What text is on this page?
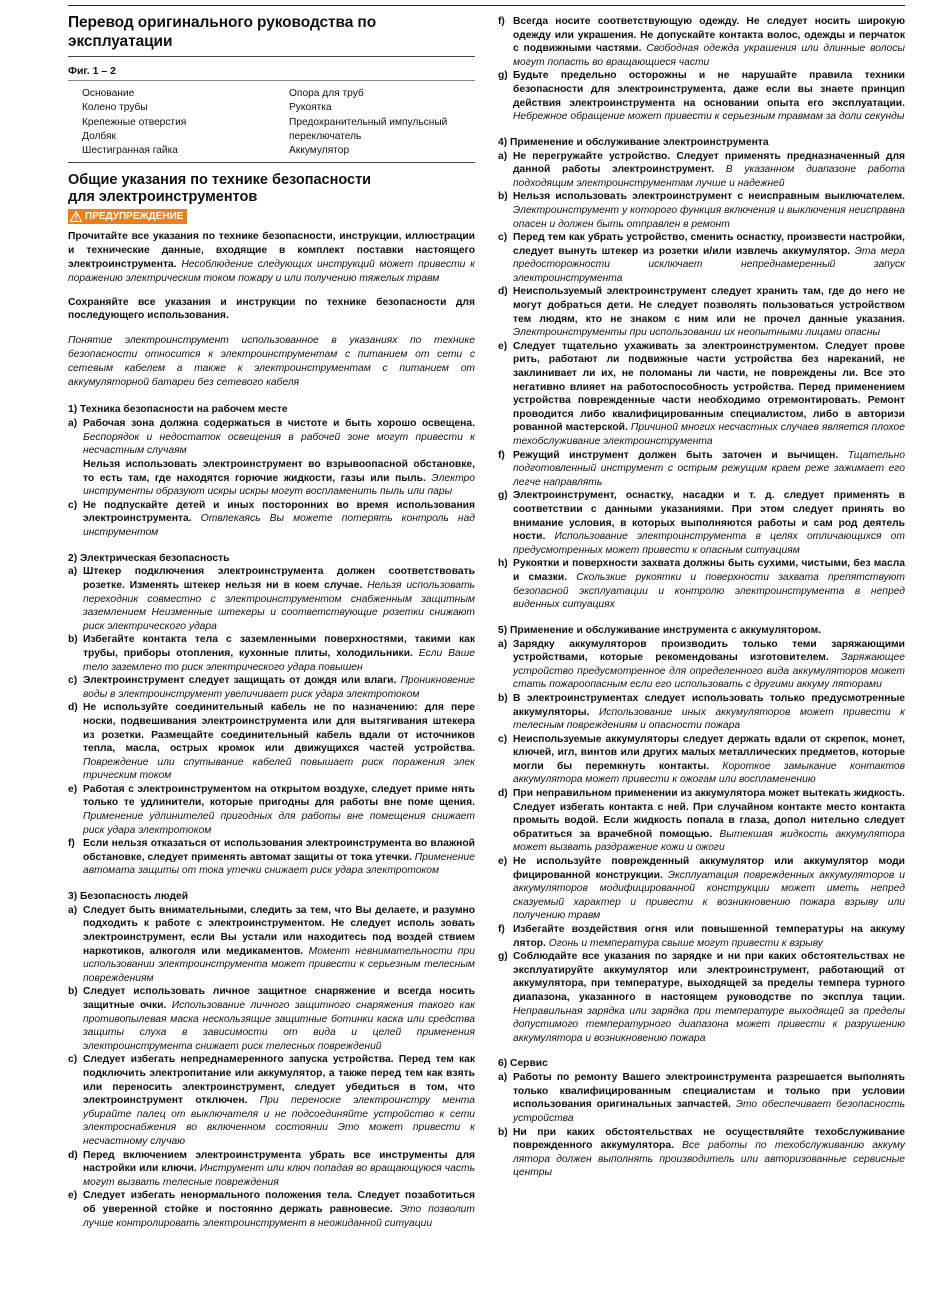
Перевод оригинального руководства по эксплуатации
Фиг. 1 – 2
Основание
Колено трубы
Крепежные отверстия
Долбяк
Шестигранная гайка
Опора для труб
Рукоятка
Предохранительный импульсный
переключатель
Аккумулятор
Общие указания по технике безопасности
для электроинструментов
ПРЕДУПРЕЖДЕНИЕ

Прочитайте все указания по технике безопасности, инструкции, иллюстрации и технические данные, входящие в комплект поставки настоящего электроинструмента. Несоблюдение следующих инструкций может привести к поражению электрическим током пожару и или получению тяжелых травм

Сохраняйте все указания и инструкции по технике безопасности для последующего использования.

Понятие электроинструмент использованное в указаниях по технике безопасности относится к электроинструментам с питанием от сети с сетевым кабелем а также к электроинструментам с питанием от аккумуляторной батареи без сетевого кабеля

1) Техника безопасности на рабочем месте
a) Рабочая зона должна содержаться в чистоте и быть хорошо освещена. Беспорядок и недостаток освещения в рабочей зоне могут привести к несчастным случаям
Нельзя использовать электроинструмент во взрывоопасной обстановке, то есть там, где находятся горючие жидкости, газы или пыль. Электро инструменты образуют искры искры могут воспламенить пыль или пары
c) Не подпускайте детей и иных посторонних во время использования электроинструмента. Отвлекаясь Вы можете потерять контроль над инструментом
2) Электрическая безопасность
a) Штекер подключения электроинструмента должен соответствовать розетке. Изменять штекер нельзя ни в коем случае. Нельзя использовать переходник совместно с электроинструментом снабженным защитным заземлением Неизменные штекеры и соответствующие розетки снижают риск электрического удара
b) Избегайте контакта тела с заземленными поверхностями, такими как трубы, приборы отопления, кухонные плиты, холодильники. Если Ваше тело заземлено то риск электрического удара повышен
c) Электроинструмент следует защищать от дождя или влаги. Проникновение воды в электроинструмент увеличивает риск удара электротоком
d) Не используйте соединительный кабель не по назначению: для пере носки, подвешивания электроинструмента или для вытягивания штекера из розетки. Размещайте соединительный кабель вдали от источников тепла, масла, острых кромок или движущихся частей устройства. Повреждение или спутывание кабелей повышает риск поражения элек трическим током
e) Работая с электроинструментом на открытом воздухе, следует приме нять только те удлинители, которые пригодны для работы вне поме щения. Применение удлинителей пригодных для работы вне помещения снижает риск удара электротоком
f) Если нельзя отказаться от использования электроинструмента во влажной обстановке, следует применять автомат защиты от тока утечки. Применение автомата защиты от тока утечки снижает риск удара электротоком
3) Безопасность людей
a) Следует быть внимательными, следить за тем, что Вы делаете, и разумно подходить к работе с электроинструментом. Не следует исполь зовать электроинструмент, если Вы устали или находитесь под воздей ствием наркотиков, алкоголя или медикаментов. Момент невнимательности при использовании электроинструмента может привести к серьезным телесным повреждениям
b) Следует использовать личное защитное снаряжение и всегда носить защитные очки. Использование личного защитного снаряжения такого как противопылевая маска нескользящие защитные ботинки каска или средства защиты слуха в зависимости от вида и целей применения электроинструмента снижает риск телесных повреждений
c) Следует избегать непреднамеренного запуска устройства. Перед тем как подключить электропитание или аккумулятор, а также перед тем как взять или переносить электроинструмент, следует убедиться в том, что электроинструмент отключен. При переноске электроинстру мента убирайте палец от выключателя и не подсоединяйте устройство к сети электроснабжения во включенном состоянии Это может привести к несчастному случаю
d) Перед включением электроинструмента убрать все инструменты для настройки или ключи. Инструмент или ключ попадая во вращающуюся часть могут вызвать телесные повреждения
e) Следует избегать ненормального положения тела. Следует позаботиться об уверенной стойке и постоянно держать равновесие. Это позволит лучше контролировать электроинструмент в неожиданной ситуации
f) Всегда носите соответствующую одежду. Не следует носить широкую одежду или украшения. Не допускайте контакта волос, одежды и перчаток с подвижными частями. Свободная одежда украшения или длинные волосы могут попасть во вращающиеся части
g) Будьте предельно осторожны и не нарушайте правила техники безопасности для электроинструмента, даже если вы знаете принцип действия электроинструмента на основании опыта его эксплуатации. Небрежное обращение может привести к серьезным травмам за доли секунды
4) Применение и обслуживание электроинструмента
a) Не перегружайте устройство. Следует применять предназначенный для данной работы электроинструмент. В указанном диапазоне работа подходящим электроинструментам лучше и надежней
b) Нельзя использовать электроинструмент с неисправным выключателем. Электроинструмент у которого функция включения и выключения неисправна опасен и должен быть отправлен в ремонт
c) Перед тем как убрать устройство, сменить оснастку, произвести настройки, следует вынуть штекер из розетки и/или извлечь аккумулятор. Эта мера предосторожности исключает непреднамеренный запуск электроинструмента
d) Неиспользуемый электроинструмент следует хранить там, где до него не могут добраться дети. Не следует позволять пользоваться устройством тем людям, кто не знаком с ним или не прочел данные указания. Электроинструменты при использовании их неопытными лицами опасны
e) Следует тщательно ухаживать за электроинструментом. Следует прове рить, работают ли подвижные части устройства без нареканий, не заклинивает ли их, не поломаны ли части, не повреждены ли. Все это негативно влияет на работоспособность устройства. Перед применением устройства поврежденные части необходимо отремонтировать. Ремонт проводится либо квалифицированным специалистом, либо в авторизи рованной мастерской. Причиной многих несчастных случаев является плохое техобслуживание электроинструмента
f) Режущий инструмент должен быть заточен и вычищен. Тщательно подготовленный инструмент с острым режущим краем реже зажимает его легче направлять
g) Электроинструмент, оснастку, насадки и т. д. следует применять в соответствии с данными указаниями. При этом следует принять во внимание условия, в которых выполняются работы и сам род деятель ности. Использование электроинструмента в целях отличающихся от предусмотренных может привести к опасным ситуациям
h) Рукоятки и поверхности захвата должны быть сухими, чистыми, без масла и смазки. Скользкие рукоятки и поверхности захвата препятствуют безопасной эксплуатации и контролю электроинструмента в непред виденных ситуациях
5) Применение и обслуживание инструмента с аккумулятором.
a) Зарядку аккумуляторов производить только теми заряжающими устройствами, которые рекомендованы изготовителем. Заряжающее устройство предусмотренное для определенного вида аккумуляторов может стать пожароопасным если его использовать с другими аккуму ляторами
b) В электроинструментах следует использовать только предусмотренные аккумуляторы. Использование иных аккумуляторов может привести к телесным повреждениям и опасности пожара
c) Неиспользуемые аккумуляторы следует держать вдали от скрепок, монет, ключей, игл, винтов или других малых металлических предметов, которые могли бы перемкнуть контакты. Короткое замыкание контактов аккумулятора может привести к ожогам или воспламенению
d) При неправильном применении из аккумулятора может вытекать жидкость. Следует избегать контакта с ней. При случайном контакте место контакта промыть водой. Если жидкость попала в глаза, допол нительно следует обратиться за врачебной помощью. Вытекшая жидкость аккумулятора может вызвать раздражение кожи и ожоги
e) Не используйте поврежденный аккумулятор или аккумулятор моди фицированной конструкции. Эксплуатация поврежденных аккумуляторов и аккумуляторов модифицированной конструкции может иметь непред сказуемый характер и привести к возникновению пожара взрыву или получению травм
f) Избегайте воздействия огня или повышенной температуры на аккуму лятор. Огонь и температура свыше могут привести к взрыву
g) Соблюдайте все указания по зарядке и ни при каких обстоятельствах не эксплуатируйте аккумулятор или электроинструмент, работающий от аккумулятора, при температуре, выходящей за пределы темпера турного диапазона, указанного в настоящем руководстве по эксплуа тации. Неправильная зарядка или зарядка при температуре выходящей за пределы допустимого температурного диапазона может привести к разрушению аккумулятора и возникновению пожара
6) Сервис
a) Работы по ремонту Вашего электроинструмента разрешается выполнять только квалифицированным специалистам и только при условии использования оригинальных запчастей. Это обеспечивает безопасность устройства
b) Ни при каких обстоятельствах не осуществляйте техобслуживание поврежденного аккумулятора. Все работы по техобслуживанию аккуму лятора должен выполнять производитель или авторизованные сервисные центры
